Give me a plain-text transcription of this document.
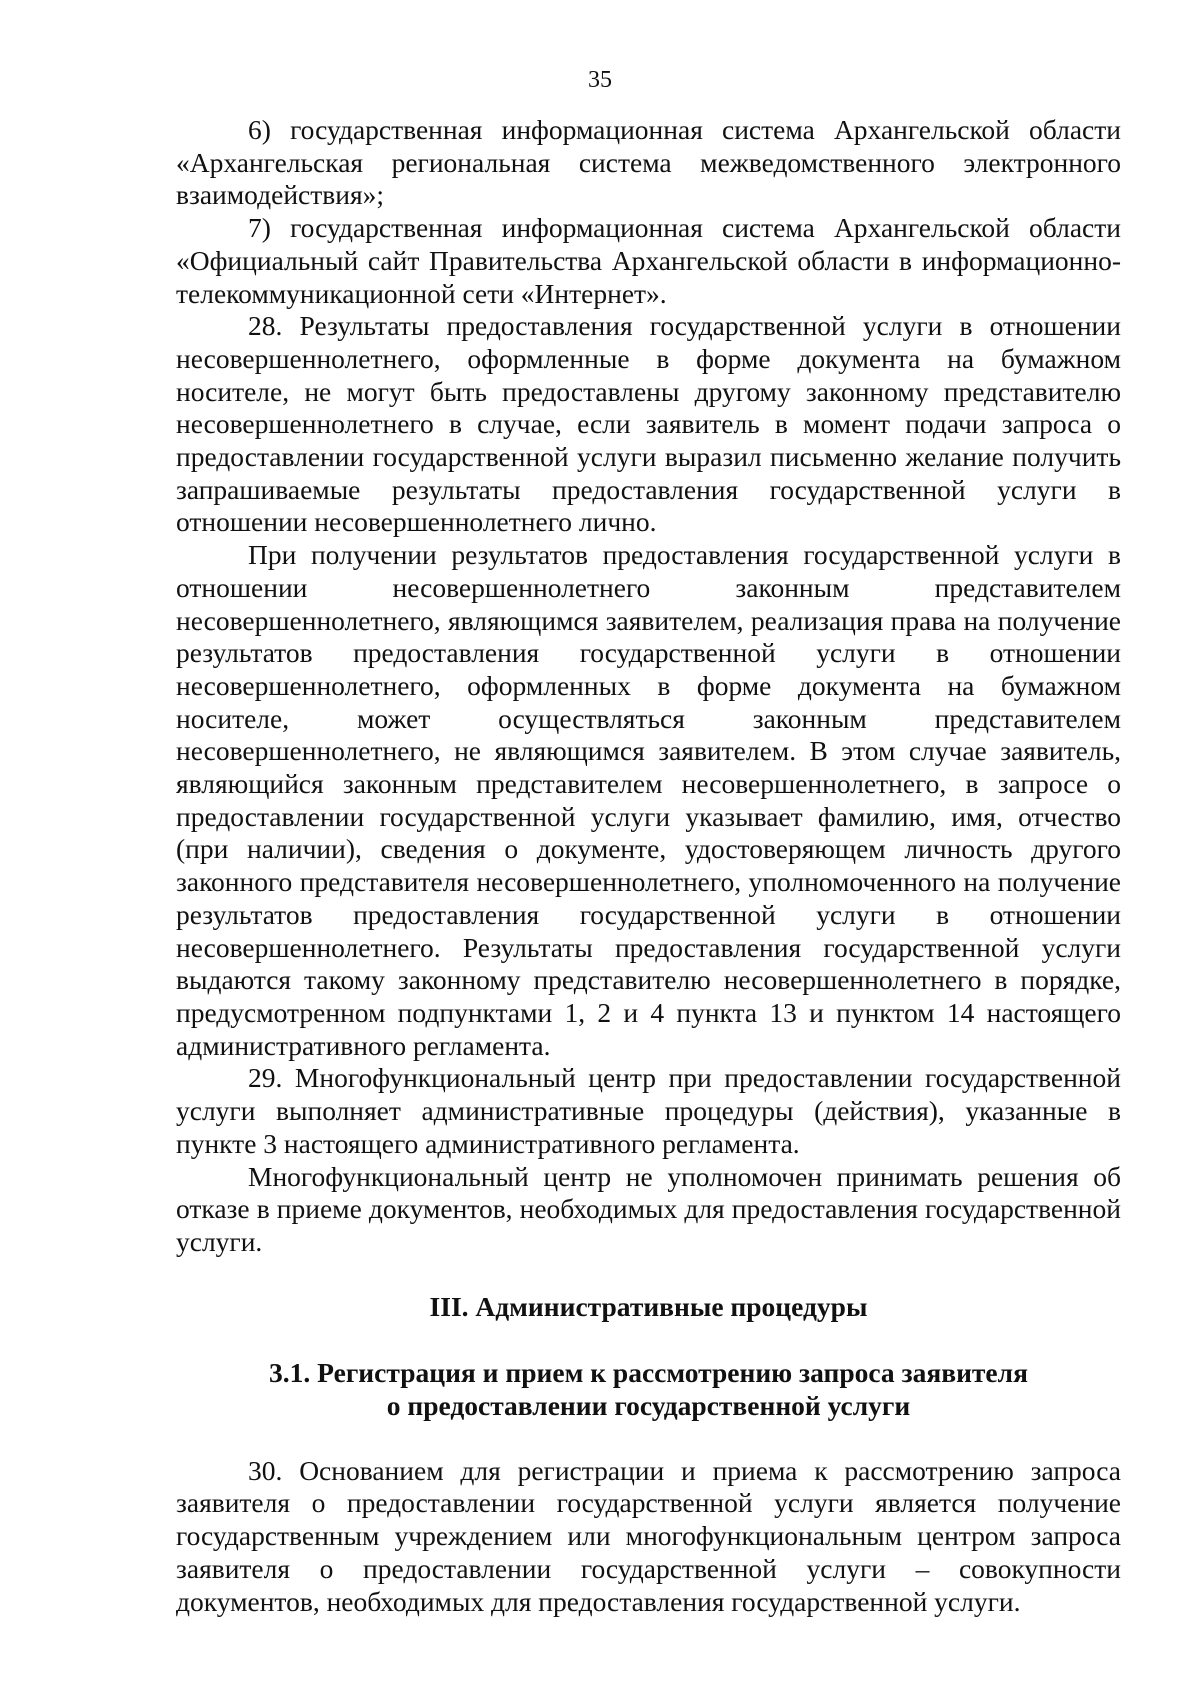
35

6) государственная информационная система Архангельской области «Архангельская региональная система межведомственного электронного взаимодействия»;

7) государственная информационная система Архангельской области «Официальный сайт Правительства Архангельской области в информационно-телекоммуникационной сети «Интернет».

28. Результаты предоставления государственной услуги в отношении несовершеннолетнего, оформленные в форме документа на бумажном носителе, не могут быть предоставлены другому законному представителю несовершеннолетнего в случае, если заявитель в момент подачи запроса о предоставлении государственной услуги выразил письменно желание получить запрашиваемые результаты предоставления государственной услуги в отношении несовершеннолетнего лично.

При получении результатов предоставления государственной услуги в отношении несовершеннолетнего законным представителем несовершеннолетнего, являющимся заявителем, реализация права на получение результатов предоставления государственной услуги в отношении несовершеннолетнего, оформленных в форме документа на бумажном носителе, может осуществляться законным представителем несовершеннолетнего, не являющимся заявителем. В этом случае заявитель, являющийся законным представителем несовершеннолетнего, в запросе о предоставлении государственной услуги указывает фамилию, имя, отчество (при наличии), сведения о документе, удостоверяющем личность другого законного представителя несовершеннолетнего, уполномоченного на получение результатов предоставления государственной услуги в отношении несовершеннолетнего. Результаты предоставления государственной услуги выдаются такому законному представителю несовершеннолетнего в порядке, предусмотренном подпунктами 1, 2 и 4 пункта 13 и пунктом 14 настоящего административного регламента.

29. Многофункциональный центр при предоставлении государственной услуги выполняет административные процедуры (действия), указанные в пункте 3 настоящего административного регламента.

Многофункциональный центр не уполномочен принимать решения об отказе в приеме документов, необходимых для предоставления государственной услуги.

III. Административные процедуры
3.1. Регистрация и прием к рассмотрению запроса заявителя
о предоставлении государственной услуги

30. Основанием для регистрации и приема к рассмотрению запроса заявителя о предоставлении государственной услуги является получение государственным учреждением или многофункциональным центром запроса заявителя о предоставлении государственной услуги – совокупности документов, необходимых для предоставления государственной услуги.
